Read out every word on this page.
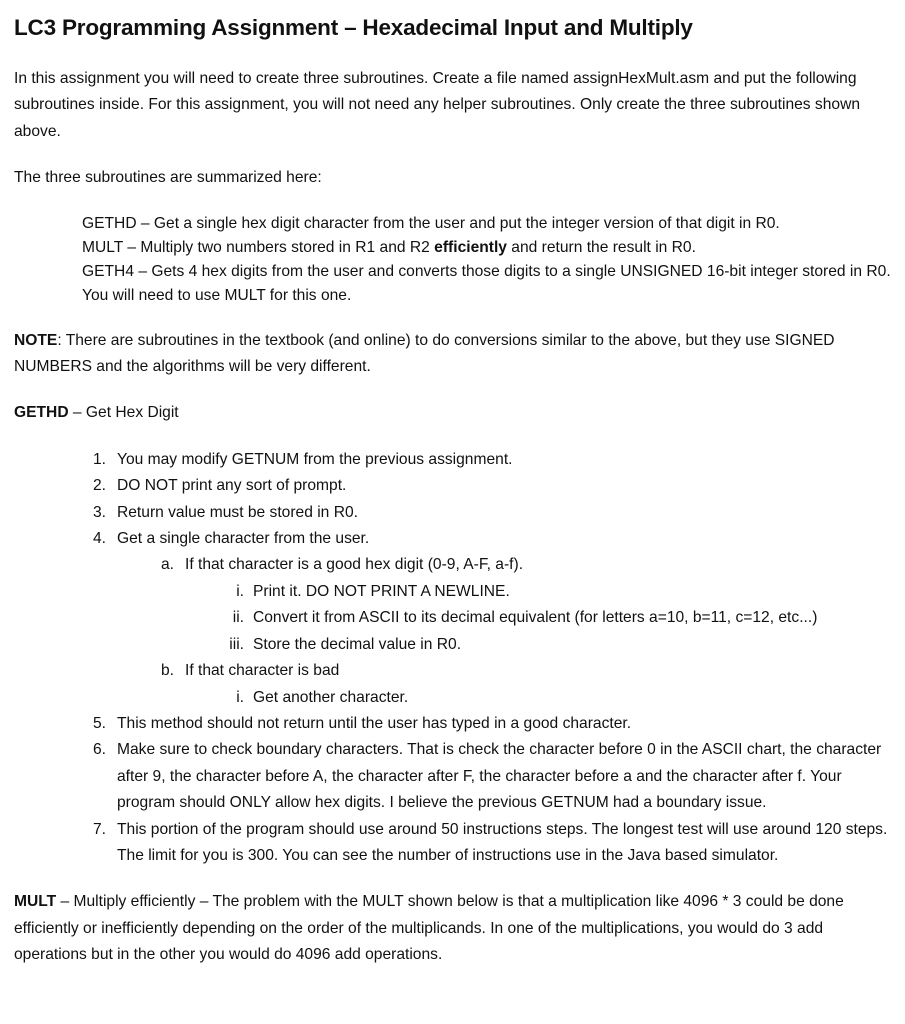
LC3 Programming Assignment – Hexadecimal Input and Multiply

In this assignment you will need to create three subroutines. Create a file named assignHexMult.asm and put the following subroutines inside. For this assignment, you will not need any helper subroutines. Only create the three subroutines shown above.

The three subroutines are summarized here:

GETHD – Get a single hex digit character from the user and put the integer version of that digit in R0.
MULT – Multiply two numbers stored in R1 and R2 efficiently and return the result in R0.
GETH4 – Gets 4 hex digits from the user and converts those digits to a single UNSIGNED 16-bit integer stored in R0. You will need to use MULT for this one.

NOTE: There are subroutines in the textbook (and online) to do conversions similar to the above, but they use SIGNED NUMBERS and the algorithms will be very different.

GETHD – Get Hex Digit

1. You may modify GETNUM from the previous assignment.
2. DO NOT print any sort of prompt.
3. Return value must be stored in R0.
4. Get a single character from the user.
a. If that character is a good hex digit (0-9, A-F, a-f).
i. Print it. DO NOT PRINT A NEWLINE.
ii. Convert it from ASCII to its decimal equivalent (for letters a=10, b=11, c=12, etc...)
iii. Store the decimal value in R0.
b. If that character is bad
i. Get another character.
5. This method should not return until the user has typed in a good character.
6. Make sure to check boundary characters. That is check the character before 0 in the ASCII chart, the character after 9, the character before A, the character after F, the character before a and the character after f. Your program should ONLY allow hex digits. I believe the previous GETNUM had a boundary issue.
7. This portion of the program should use around 50 instructions steps. The longest test will use around 120 steps. The limit for you is 300. You can see the number of instructions use in the Java based simulator.

MULT – Multiply efficiently – The problem with the MULT shown below is that a multiplication like 4096 * 3 could be done efficiently or inefficiently depending on the order of the multiplicands. In one of the multiplications, you would do 3 add operations but in the other you would do 4096 add operations.
